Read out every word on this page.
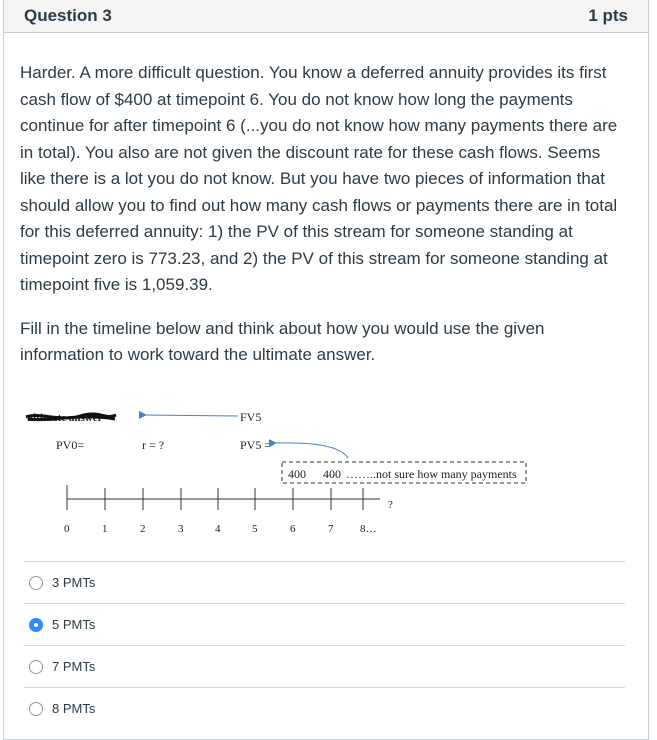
Question 3	1 pts

Harder. A more difficult question. You know a deferred annuity provides its first cash flow of $400 at timepoint 6. You do not know how long the payments continue for after timepoint 6 (...you do not know how many payments there are in total). You also are not given the discount rate for these cash flows. Seems like there is a lot you do not know. But you have two pieces of information that should allow you to find out how many cash flows or payments there are in total for this deferred annuity: 1) the PV of this stream for someone standing at timepoint zero is 773.23, and 2) the PV of this stream for someone standing at timepoint five is 1,059.39.

Fill in the timeline below and think about how you would use the given information to work toward the ultimate answer.

ultimate answer	FV5
PV0=	r = ?	PV5 =
400 400 ……..not sure how many payments
0	1	2	3	4	5	6	7 8…
?
3 PMTs
5 PMTs
7 PMTs
8 PMTs
